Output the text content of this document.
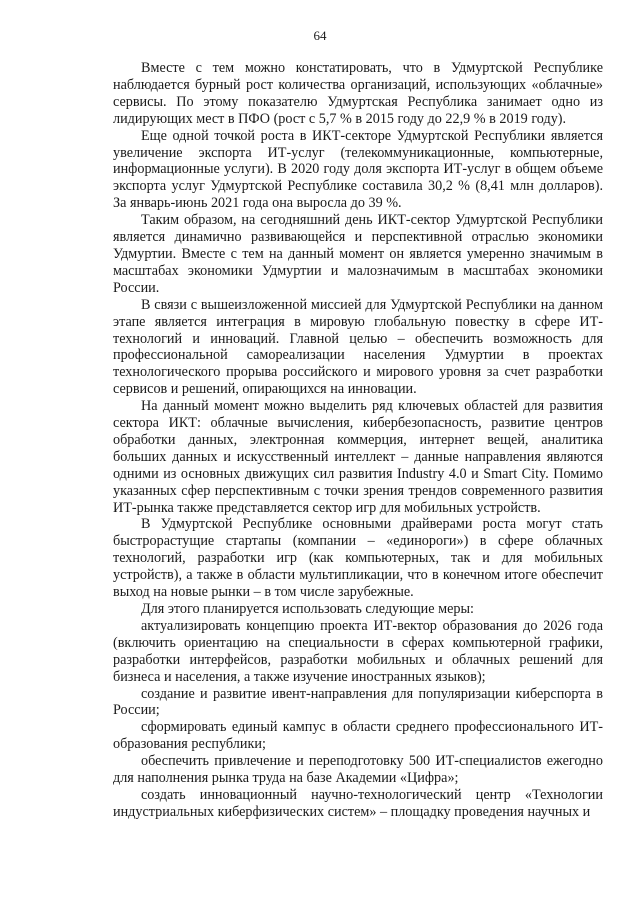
64

Вместе с тем можно констатировать, что в Удмуртской Республике наблюдается бурный рост количества организаций, использующих «облачные» сервисы. По этому показателю Удмуртская Республика занимает одно из лидирующих мест в ПФО (рост с 5,7 % в 2015 году до 22,9 % в 2019 году).

Еще одной точкой роста в ИКТ-секторе Удмуртской Республики является увеличение экспорта ИТ-услуг (телекоммуникационные, компьютерные, информационные услуги). В 2020 году доля экспорта ИТ-услуг в общем объеме экспорта услуг Удмуртской Республике составила 30,2 % (8,41 млн долларов). За январь-июнь 2021 года она выросла до 39 %.

Таким образом, на сегодняшний день ИКТ-сектор Удмуртской Республики является динамично развивающейся и перспективной отраслью экономики Удмуртии. Вместе с тем на данный момент он является умеренно значимым в масштабах экономики Удмуртии и малозначимым в масштабах экономики России.

В связи с вышеизложенной миссией для Удмуртской Республики на данном этапе является интеграция в мировую глобальную повестку в сфере ИТ-технологий и инноваций. Главной целью – обеспечить возможность для профессиональной самореализации населения Удмуртии в проектах технологического прорыва российского и мирового уровня за счет разработки сервисов и решений, опирающихся на инновации.

На данный момент можно выделить ряд ключевых областей для развития сектора ИКТ: облачные вычисления, кибербезопасность, развитие центров обработки данных, электронная коммерция, интернет вещей, аналитика больших данных и искусственный интеллект – данные направления являются одними из основных движущих сил развития Industry 4.0 и Smart City. Помимо указанных сфер перспективным с точки зрения трендов современного развития ИТ-рынка также представляется сектор игр для мобильных устройств.

В Удмуртской Республике основными драйверами роста могут стать быстрорастущие стартапы (компании – «единороги») в сфере облачных технологий, разработки игр (как компьютерных, так и для мобильных устройств), а также в области мультипликации, что в конечном итоге обеспечит выход на новые рынки – в том числе зарубежные.

Для этого планируется использовать следующие меры:

актуализировать концепцию проекта ИТ-вектор образования до 2026 года (включить ориентацию на специальности в сферах компьютерной графики, разработки интерфейсов, разработки мобильных и облачных решений для бизнеса и населения, а также изучение иностранных языков);

создание и развитие ивент-направления для популяризации киберспорта в России;

сформировать единый кампус в области среднего профессионального ИТ-образования республики;

обеспечить привлечение и переподготовку 500 ИТ-специалистов ежегодно для наполнения рынка труда на базе Академии «Цифра»;

создать инновационный научно-технологический центр «Технологии индустриальных киберфизических систем» – площадку проведения научных и
